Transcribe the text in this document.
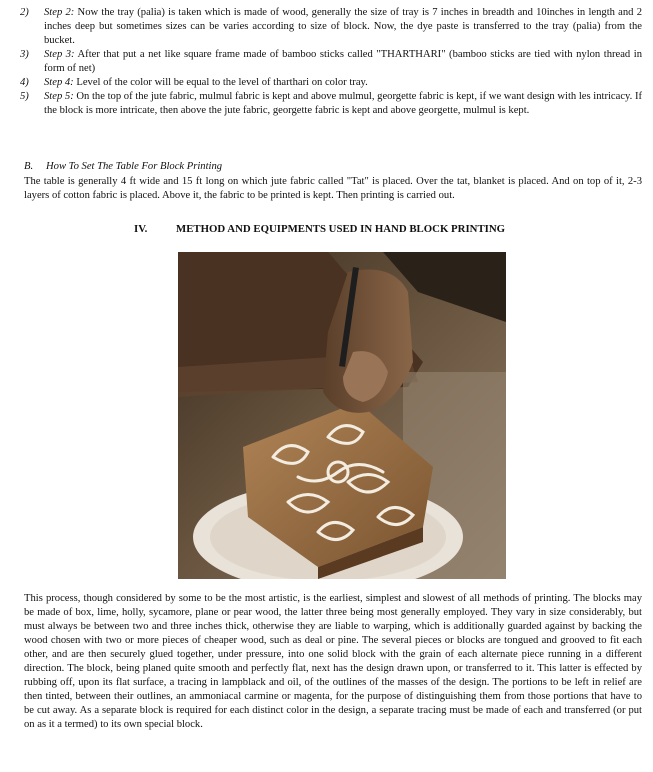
2) Step 2: Now the tray (palia) is taken which is made of wood, generally the size of tray is 7 inches in breadth and 10inches in length and 2 inches deep but sometimes sizes can be varies according to size of block. Now, the dye paste is transferred to the tray (palia) from the bucket.
3) Step 3: After that put a net like square frame made of bamboo sticks called "THARTHARI" (bamboo sticks are tied with nylon thread in form of net)
4) Step 4: Level of the color will be equal to the level of tharthari on color tray.
5) Step 5: On the top of the jute fabric, mulmul fabric is kept and above mulmul, georgette fabric is kept, if we want design with les intricacy. If the block is more intricate, then above the jute fabric, georgette fabric is kept and above georgette, mulmul is kept.
B. How To Set The Table For Block Printing

The table is generally 4 ft wide and 15 ft long on which jute fabric called "Tat" is placed. Over the tat, blanket is placed. And on top of it, 2-3 layers of cotton fabric is placed. Above it, the fabric to be printed is kept. Then printing is carried out.

IV.	METHOD AND EQUIPMENTS USED IN HAND BLOCK PRINTING

This process, though considered by some to be the most artistic, is the earliest, simplest and slowest of all methods of printing. The blocks may be made of box, lime, holly, sycamore, plane or pear wood, the latter three being most generally employed. They vary in size considerably, but must always be between two and three inches thick, otherwise they are liable to warping, which is additionally guarded against by backing the wood chosen with two or more pieces of cheaper wood, such as deal or pine. The several pieces or blocks are tongued and grooved to fit each other, and are then securely glued together, under pressure, into one solid block with the grain of each alternate piece running in a different direction. The block, being planed quite smooth and perfectly flat, next has the design drawn upon, or transferred to it. This latter is effected by rubbing off, upon its flat surface, a tracing in lampblack and oil, of the outlines of the masses of the design. The portions to be left in relief are then tinted, between their outlines, an ammoniacal carmine or magenta, for the purpose of distinguishing them from those portions that have to be cut away. As a separate block is required for each distinct color in the design, a separate tracing must be made of each and transferred (or put on as it a termed) to its own special block.
